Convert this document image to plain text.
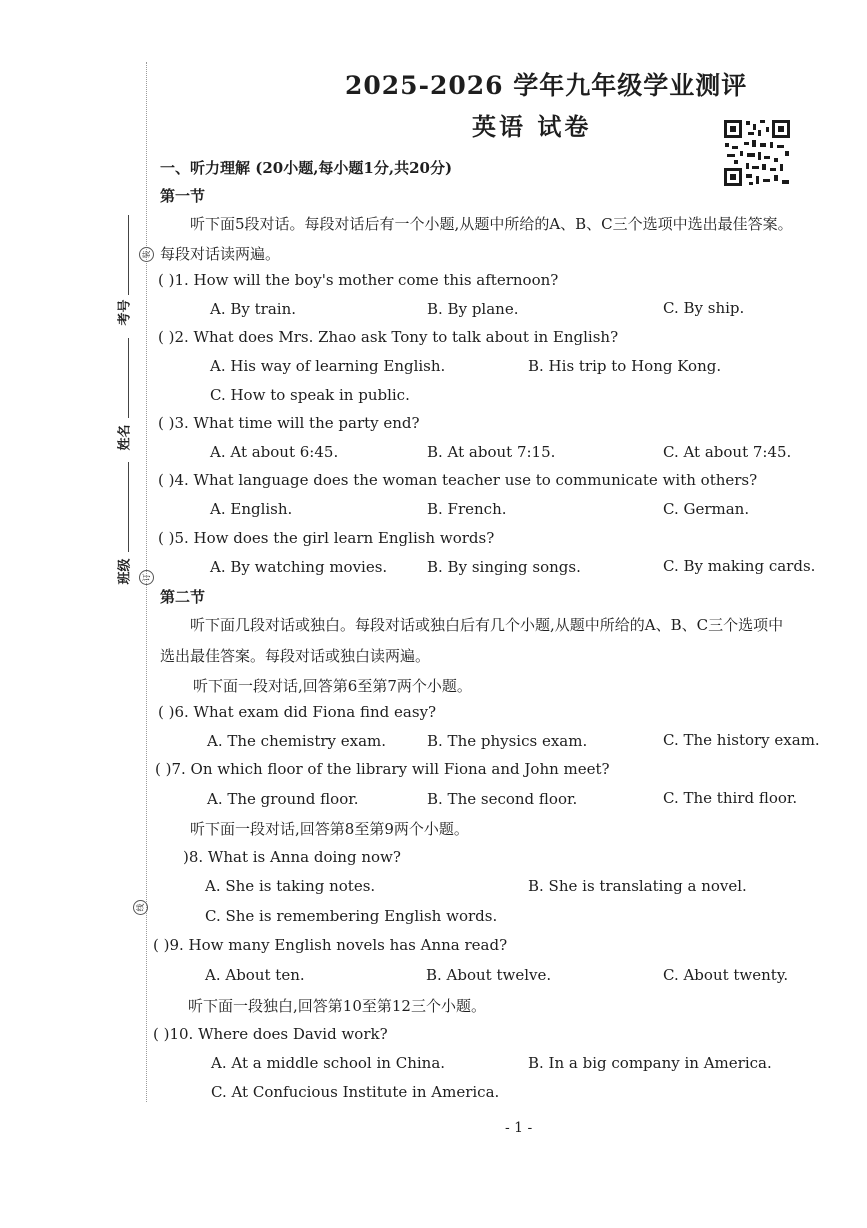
装
订
线
考号
姓名
班级
2025-2026 学年九年级学业测评
英语 试卷
一、听力理解 (20小题,每小题1分,共20分)
第一节
听下面5段对话。每段对话后有一个小题,从题中所给的A、B、C三个选项中选出最佳答案。
每段对话读两遍。
( )1. How will the boy's mother come this afternoon?
A. By train.	B. By plane.	C. By ship.
( )2. What does Mrs. Zhao ask Tony to talk about in English?
A. His way of learning English.	B. His trip to Hong Kong.
C. How to speak in public.
( )3. What time will the party end?
A. At about 6:45.	B. At about 7:15.	C. At about 7:45.
( )4. What language does the woman teacher use to communicate with others?
A. English.	B. French.	C. German.
( )5. How does the girl learn English words?
A. By watching movies.	B. By singing songs.	C. By making cards.
第二节
听下面几段对话或独白。每段对话或独白后有几个小题,从题中所给的A、B、C三个选项中
选出最佳答案。每段对话或独白读两遍。
听下面一段对话,回答第6至第7两个小题。
( )6. What exam did Fiona find easy?
A. The chemistry exam.	B. The physics exam.	C. The history exam.
( )7. On which floor of the library will Fiona and John meet?
A. The ground floor.	B. The second floor.	C. The third floor.
听下面一段对话,回答第8至第9两个小题。
)8. What is Anna doing now?
A. She is taking notes.	B. She is translating a novel.
C. She is remembering English words.
( )9. How many English novels has Anna read?
A. About ten.	B. About twelve.	C. About twenty.
听下面一段独白,回答第10至第12三个小题。
( )10. Where does David work?
A. At a middle school in China.	B. In a big company in America.
C. At Confucious Institute in America.
- 1 -
